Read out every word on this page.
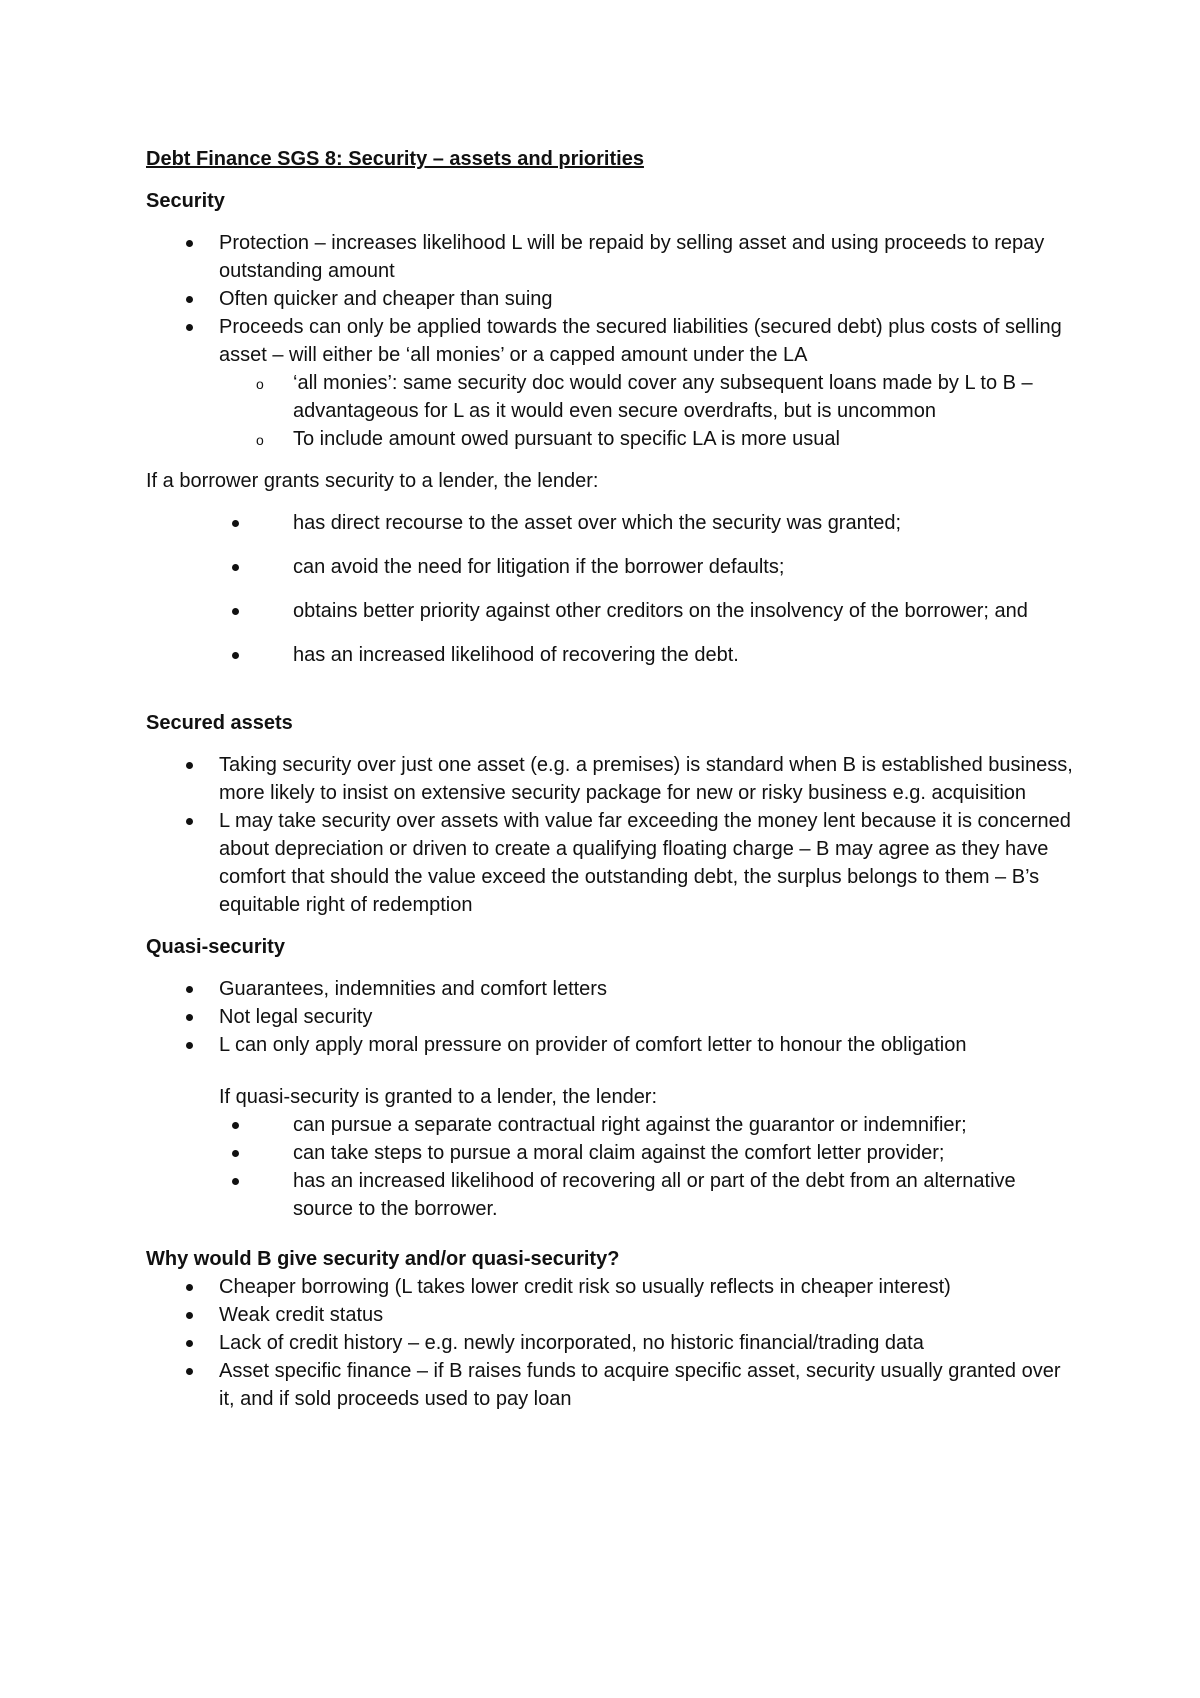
Debt Finance SGS 8: Security – assets and priorities

Security

Protection – increases likelihood L will be repaid by selling asset and using proceeds to repay outstanding amount
Often quicker and cheaper than suing
Proceeds can only be applied towards the secured liabilities (secured debt) plus costs of selling asset – will either be ‘all monies’ or a capped amount under the LA
o ‘all monies’: same security doc would cover any subsequent loans made by L to B – advantageous for L as it would even secure overdrafts, but is uncommon
o To include amount owed pursuant to specific LA is more usual

If a borrower grants security to a lender, the lender:

has direct recourse to the asset over which the security was granted;
can avoid the need for litigation if the borrower defaults;
obtains better priority against other creditors on the insolvency of the borrower; and
has an increased likelihood of recovering the debt.

Secured assets

Taking security over just one asset (e.g. a premises) is standard when B is established business, more likely to insist on extensive security package for new or risky business e.g. acquisition
L may take security over assets with value far exceeding the money lent because it is concerned about depreciation or driven to create a qualifying floating charge – B may agree as they have comfort that should the value exceed the outstanding debt, the surplus belongs to them – B’s equitable right of redemption

Quasi-security

Guarantees, indemnities and comfort letters
Not legal security
L can only apply moral pressure on provider of comfort letter to honour the obligation

If quasi-security is granted to a lender, the lender:

can pursue a separate contractual right against the guarantor or indemnifier;
can take steps to pursue a moral claim against the comfort letter provider;
has an increased likelihood of recovering all or part of the debt from an alternative source to the borrower.

Why would B give security and/or quasi-security?

Cheaper borrowing (L takes lower credit risk so usually reflects in cheaper interest)
Weak credit status
Lack of credit history – e.g. newly incorporated, no historic financial/trading data
Asset specific finance – if B raises funds to acquire specific asset, security usually granted over it, and if sold proceeds used to pay loan
